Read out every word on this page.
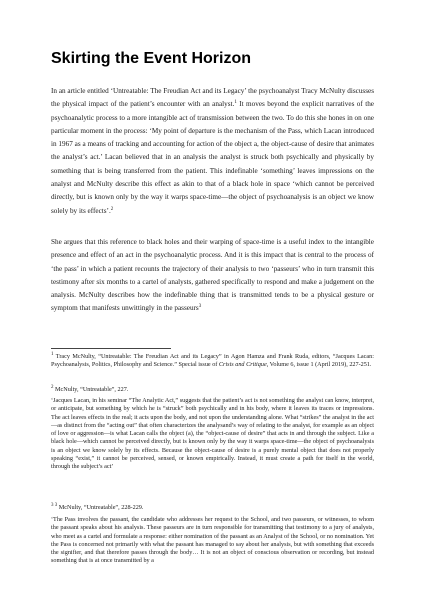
Skirting the Event Horizon
In an article entitled ‘Untreatable: The Freudian Act and its Legacy’ the psychoanalyst Tracy McNulty discusses the physical impact of the patient’s encounter with an analyst.$^1$ It moves beyond the explicit narratives of the psychoanalytic process to a more intangible act of transmission between the two. To do this she hones in on one particular moment in the process: ‘My point of departure is the mechanism of the Pass, which Lacan introduced in 1967 as a means of tracking and accounting for action of the object a, the object-cause of desire that animates the analyst’s act.’ Lacan believed that in an analysis the analyst is struck both psychically and physically by something that is being transferred from the patient. This indefinable ‘something’ leaves impressions on the analyst and McNulty describe this effect as akin to that of a black hole in space ‘which cannot be perceived directly, but is known only by the way it warps space-time—the object of psychoanalysis is an object we know solely by its effects’.$^2$
She argues that this reference to black holes and their warping of space-time is a useful index to the intangible presence and effect of an act in the psychoanalytic process. And it is this impact that is central to the process of ‘the pass’ in which a patient recounts the trajectory of their analysis to two ‘passeurs’ who in turn transmit this testimony after six months to a cartel of analysts, gathered specifically to respond and make a judgement on the analysis. McNulty describes how the indefinable thing that is transmitted tends to be a physical gesture or symptom that manifests unwittingly in the passeurs$^3$
$^1$ Tracy McNulty, “Untreatable: The Freudian Act and its Legacy” in Agon Hamza and Frank Ruda, editors, “Jacques Lacan: Psychoanalysis, Politics, Philosophy and Science.” Special issue of Crisis and Critique, Volume 6, issue 1 (April 2019), 227-251.
$^2$ McNulty, “Untreatable”, 227.
‘Jacques Lacan, in his seminar “The Analytic Act,” suggests that the patient’s act is not something the analyst can know, interpret, or anticipate, but something by which he is “struck” both psychically and in his body, where it leaves its traces or impressions. The act leaves effects in the real; it acts upon the body, and not upon the understanding alone. What “strikes” the analyst in the act—as distinct from the “acting out” that often characterizes the analysand’s way of relating to the analyst, for example as an object of love or aggression—is what Lacan calls the object (a), the “object-cause of desire” that acts in and through the subject. Like a black hole—which cannot be perceived directly, but is known only by the way it warps space-time—the object of psychoanalysis is an object we know solely by its effects. Because the object-cause of desire is a purely mental object that does not properly speaking “exist,” it cannot be perceived, sensed, or known empirically. Instead, it must create a path for itself in the world, through the subject’s act’
$^{3 3}$ McNulty, “Untreatable”, 228-229.
‘The Pass involves the passant, the candidate who addresses her request to the School, and two passeurs, or witnesses, to whom the passant speaks about his analysis. These passeurs are in turn responsible for transmitting that testimony to a jury of analysts, who meet as a cartel and formulate a response: either nomination of the passant as an Analyst of the School, or no nomination. Yet the Pass is concerned not primarily with what the passant has managed to say about her analysis, but with something that exceeds the signifier, and that therefore passes through the body… It is not an object of conscious observation or recording, but instead something that is at once transmitted by a
